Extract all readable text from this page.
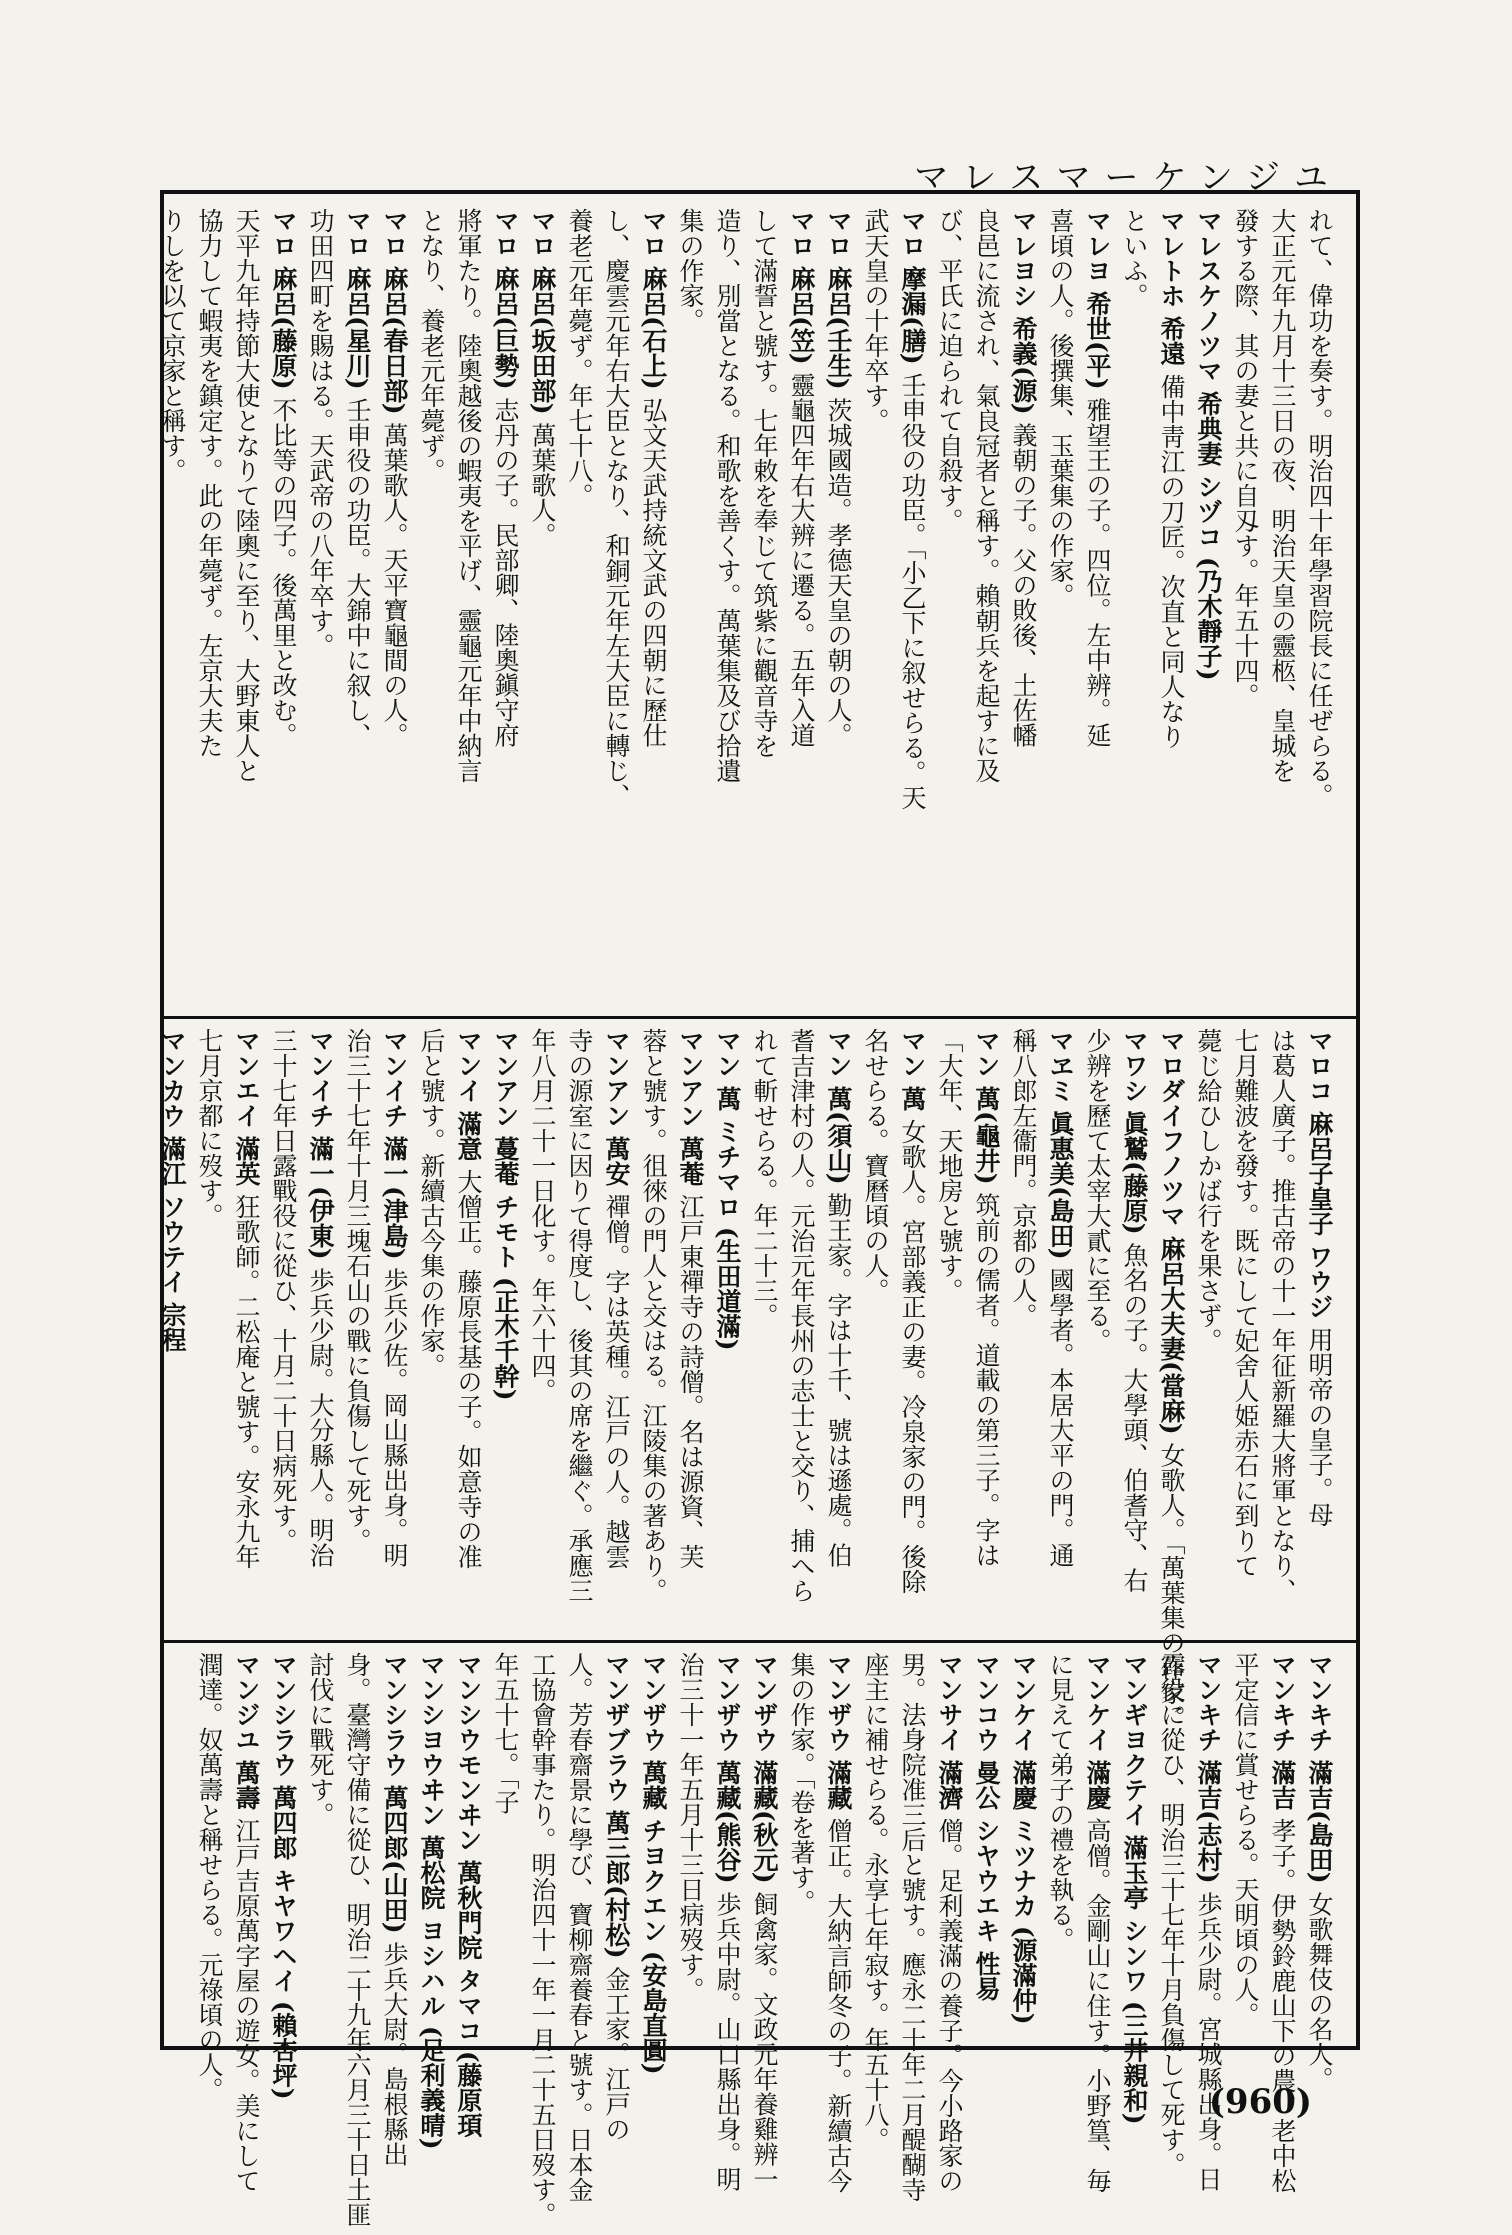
マレスマーケンジユ

れて、偉功を奏す。明治四十年學習院長に任ぜらる。

大正元年九月十三日の夜、明治天皇の靈柩、皇城を

發する際、其の妻と共に自刄す。年五十四。

マレスケノツマ 希典妻 シヅコ (乃木靜子)

マレトホ 希遠 備中靑江の刀匠。次直と同人なり

といふ。

マレヨ 希世(平) 雅望王の子。四位。左中辨。延

喜頃の人。後撰集、玉葉集の作家。

マレヨシ 希義(源) 義朝の子。父の敗後、土佐幡

良邑に流され、氣良冠者と稱す。賴朝兵を起すに及

び、平氏に迫られて自殺す。

マロ 摩漏(膳) 壬申役の功臣。「小乙下に叙せらる。天

武天皇の十年卒す。

マロ 麻呂(壬生) 茨城國造。孝德天皇の朝の人。

マロ 麻呂(笠) 靈龜四年右大辨に遷る。五年入道

して滿誓と號す。七年敕を奉じて筑紫に觀音寺を

造り、別當となる。和歌を善くす。萬葉集及び拾遺

集の作家。

マロ 麻呂(石上) 弘文天武持統文武の四朝に歷仕

し、慶雲元年右大臣となり、和銅元年左大臣に轉じ、

養老元年薨ず。年七十八。

マロ 麻呂(坂田部) 萬葉歌人。

マロ 麻呂(巨勢) 志丹の子。民部卿、陸奧鎭守府

將軍たり。陸奧越後の蝦夷を平げ、靈龜元年中納言

となり、養老元年薨ず。

マロ 麻呂(春日部) 萬葉歌人。天平寶龜間の人。

マロ 麻呂(星川) 壬申役の功臣。大錦中に叙し、

功田四町を賜はる。天武帝の八年卒す。

マロ 麻呂(藤原) 不比等の四子。後萬里と改む。

天平九年持節大使となりて陸奧に至り、大野東人と

協力して蝦夷を鎮定す。此の年薨ず。左京大夫た

りしを以て京家と稱す。

マロコ 麻呂子皇子 ワウジ 用明帝の皇子。母

は葛人廣子。推古帝の十一年征新羅大將軍となり、

七月難波を發す。既にして妃舍人姫赤石に到りて

薨じ給ひしかば行を果さず。

マロダイフノツマ 麻呂大夫妻(當麻) 女歌人。「萬葉集の作家。

マワシ 眞鷲(藤原) 魚名の子。大學頭、伯耆守、右

少辨を歷て太宰大貳に至る。

マヱミ 眞惠美(島田) 國學者。本居大平の門。通

稱八郎左衞門。京都の人。

マン 萬(龜井) 筑前の儒者。道載の第三子。字は

「大年、天地房と號す。

マン 萬 女歌人。宮部義正の妻。冷泉家の門。後除

名せらる。寶曆頃の人。

マン 萬(須山) 勤王家。字は十千、號は遜處。伯

耆吉津村の人。元治元年長州の志士と交り、捕へら

れて斬せらる。年二十三。

マン 萬 ミチマロ (生田道滿)

マンアン 萬菴 江戸東禪寺の詩僧。名は源資、芙

蓉と號す。徂徠の門人と交はる。江陵集の著あり。

マンアン 萬安 禪僧。字は英種。江戸の人。越雲

寺の源室に因りて得度し、後其の席を繼ぐ。承應三

年八月二十一日化す。年六十四。

マンアン 蔓菴 チモト (正木千幹)

マンイ 滿意 大僧正。藤原長基の子。如意寺の准

后と號す。新續古今集の作家。

マンイチ 滿一(津島) 歩兵少佐。岡山縣出身。明

治三十七年十月三塊石山の戰に負傷して死す。

マンイチ 滿一(伊東) 歩兵少尉。大分縣人。明治

三十七年日露戰役に從ひ、十月二十日病死す。

マンエイ 滿英 狂歌師。二松庵と號す。安永九年

七月京都に歿す。

マンカウ 滿江 ソウテイ 宗程

マンキチ 滿吉(島田) 女歌舞伎の名人。

マンキチ 滿吉 孝子。伊勢鈴鹿山下の農。老中松

平定信に賞せらる。天明頃の人。

マンキチ 滿吉(志村) 歩兵少尉。宮城縣出身。日

露役に從ひ、明治三十七年十月負傷して死す。

マンギヨクテイ 滿玉亭 シンワ (三井親和)

マンケイ 滿慶 高僧。金剛山に住す。小野篁、毎

に見えて弟子の禮を執る。

マンケイ 滿慶 ミツナカ (源滿仲)

マンコウ 曼公 シヤウエキ 性易

マンサイ 滿濟 僧。足利義滿の養子。今小路家の

男。法身院准三后と號す。應永二十年二月醍醐寺

座主に補せらる。永享七年寂す。年五十八。

マンザウ 滿藏 僧正。大納言師冬の子。新續古今

集の作家。「卷を著す。

マンザウ 滿藏(秋元) 飼禽家。文政元年養雞辨一

マンザウ 萬藏(熊谷) 歩兵中尉。山口縣出身。明

治三十一年五月十三日病歿す。

マンザウ 萬藏 チヨクエン (安島直圓)

マンザブラウ 萬三郎(村松) 金工家。江戸の

人。芳春齋景に學び、寶柳齋養春と號す。日本金

工協會幹事たり。明治四十一年一月二十五日歿す。

年五十七。「子

マンシウモンヰン 萬秋門院 タマコ (藤原頊

マンシヨウヰン 萬松院 ヨシハル (足利義晴)

マンシラウ 萬四郎(山田) 歩兵大尉。島根縣出

身。臺灣守備に從ひ、明治二十九年六月三十日土匪

討伐に戰死す。

マンシラウ 萬四郎 キヤワヘイ (賴杏坪)

マンジユ 萬壽 江戸吉原萬字屋の遊女。美にして

潤達。奴萬壽と稱せらる。元祿頃の人。	(960)
